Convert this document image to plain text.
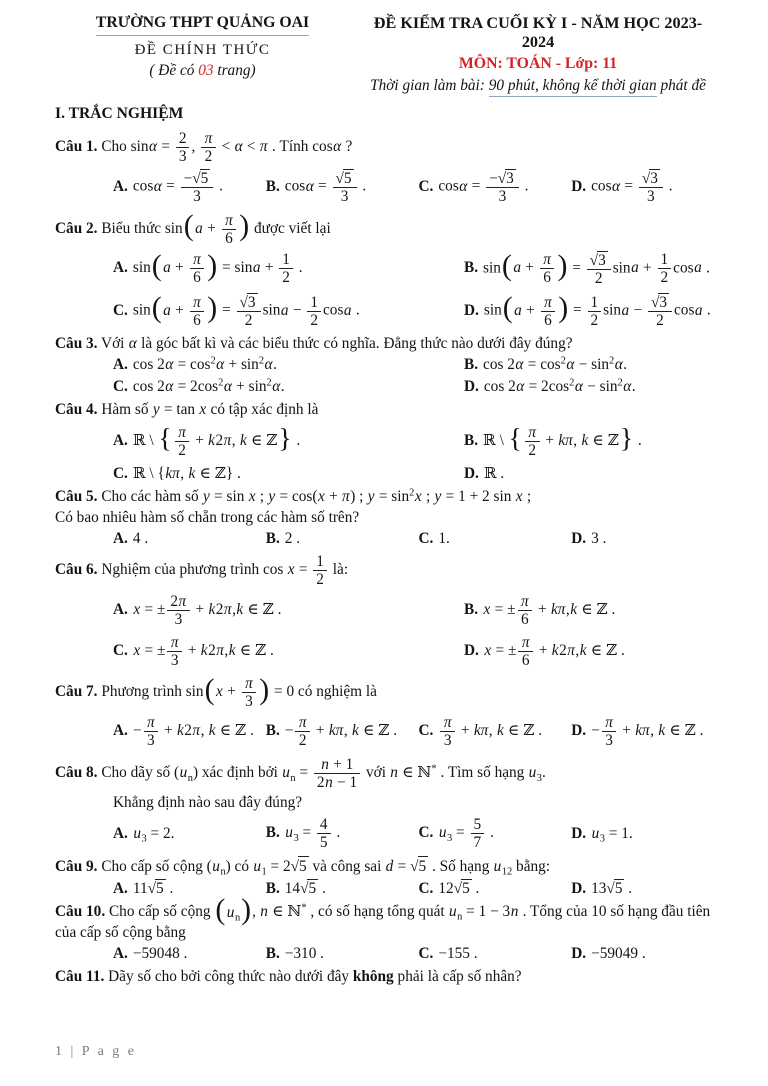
TRƯỜNG THPT QUẢNG OAI
ĐỀ CHÍNH THỨC
( Đề có 03 trang)
ĐỀ KIỂM TRA CUỐI KỲ I - NĂM HỌC 2023-2024
MÔN: TOÁN - Lớp: 11
Thời gian làm bài: 90 phút, không kể thời gian phát đề
I. TRẮC NGHIỆM
Câu 1. Cho $\sin\alpha = \frac{2}{3}$ , $\frac{\pi}{2} < \alpha < \pi$ . Tính cosα ?
A. $\cos\alpha = \frac{-√5}{3}$ .	B. $\cos\alpha = \frac{√5}{3}$ .	C. $\cos\alpha = \frac{-√3}{3}$ .	D. $\cos\alpha = \frac{√3}{3}$ .
Câu 2. Biểu thức $\sin(a + \frac{\pi}{6}$ ) được viết lại
A. $\sin(a + \frac{\pi}{6}$ ) = $\sin a + \frac{1}{2}$ .	B. $\sin(a + \frac{\pi}{6}$ ) = $\frac{√3}{2}$ $\sin a + \frac{1}{2}$ cosa .
C. $\sin(a + \frac{\pi}{6}$ ) = $\frac{√3}{2}$ $\sin a - \frac{1}{2}$ cosa .	D. $\sin(a + \frac{\pi}{6}$ ) = $\frac{1}{2}$ $\sin a - \frac{√3}{2}$ cosa .
Câu 3. Với α là góc bất kì và các biểu thức có nghĩa. Đẳng thức nào dưới đây đúng?
A. $\cos 2\alpha = \cos^2\alpha + \sin^2\alpha$.	B. $\cos 2\alpha = \cos^2\alpha - \sin^2\alpha$.
C. $\cos 2\alpha = 2\cos^2\alpha + \sin^2\alpha$.	D. $\cos 2\alpha = 2\cos^2\alpha - \sin^2\alpha$.
Câu 4. Hàm số y = tan x có tập xác định là
A. ℝ \ { $\frac{\pi}{2} + k2\pi$, k ∈ ℤ} .	B. ℝ \ { $\frac{\pi}{2} + k\pi$, k ∈ ℤ} .
C. ℝ \ {kπ, k ∈ ℤ} .	D. ℝ .
Câu 5. Cho các hàm số y = sin x ; y = cos(x + π) ; $y = \sin^2x$ ; y = 1 + 2 sin x ;
Có bao nhiêu hàm số chẵn trong các hàm số trên?
A. 4 .	B. 2 .	C. 1.	D. 3 .
Câu 6. Nghiệm của phương trình $\cos x = \frac{1}{2}$ là:
A. x = ± $\frac{2\pi}{3} + k2\pi,k$ ∈ ℤ .	B. x = ± $\frac{\pi}{6} + k\pi,k$ ∈ ℤ .
C. x = ± $\frac{\pi}{3} + k2\pi,k$ ∈ ℤ .	D. x = ± $\frac{\pi}{6} + k2\pi,k$ ∈ ℤ .
Câu 7. Phương trình $\sin(x + \frac{\pi}{3}$ ) = 0 có nghiệm là
A. − $\frac{\pi}{3} + k2\pi$, k ∈ ℤ . B. − $\frac{\pi}{2} + k\pi$, k ∈ ℤ .	C. $\frac{\pi}{3} + k\pi$, k ∈ ℤ .	D. − $\frac{\pi}{3} + k\pi$, k ∈ ℤ .
Câu 8. Cho dãy số $(u_n)$ xác định bởi $u_n = \frac{n + 1}{2n - 1}$ với n ∈ ℕ* . Tìm số hạng $u_3$.
Khẳng định nào sau đây đúng?
A. $u_3 = 2$.	B. $u_3 = \frac{4}{5}$ .	C. $u_3 = \frac{5}{7}$ .	D. $u_3 = 1$.
Câu 9. Cho cấp số cộng $(u_n)$ có $u_1 = 2√5$ và công sai d = √5 . Số hạng $u_{12}$ bằng:
A. 11√5 .	B. 14√5 .	C. 12√5 .	D. 13√5 .
Câu 10. Cho cấp số cộng $(u_n)$, n ∈ ℕ* , có số hạng tổng quát $u_n = 1 - 3n$ . Tổng của 10 số hạng đầu tiên của cấp số cộng bằng
A. −59048 .	B. −310 .	C. −155 .	D. −59049 .
Câu 11. Dãy số cho bởi công thức nào dưới đây không phải là cấp số nhân?
1 | P a g e
